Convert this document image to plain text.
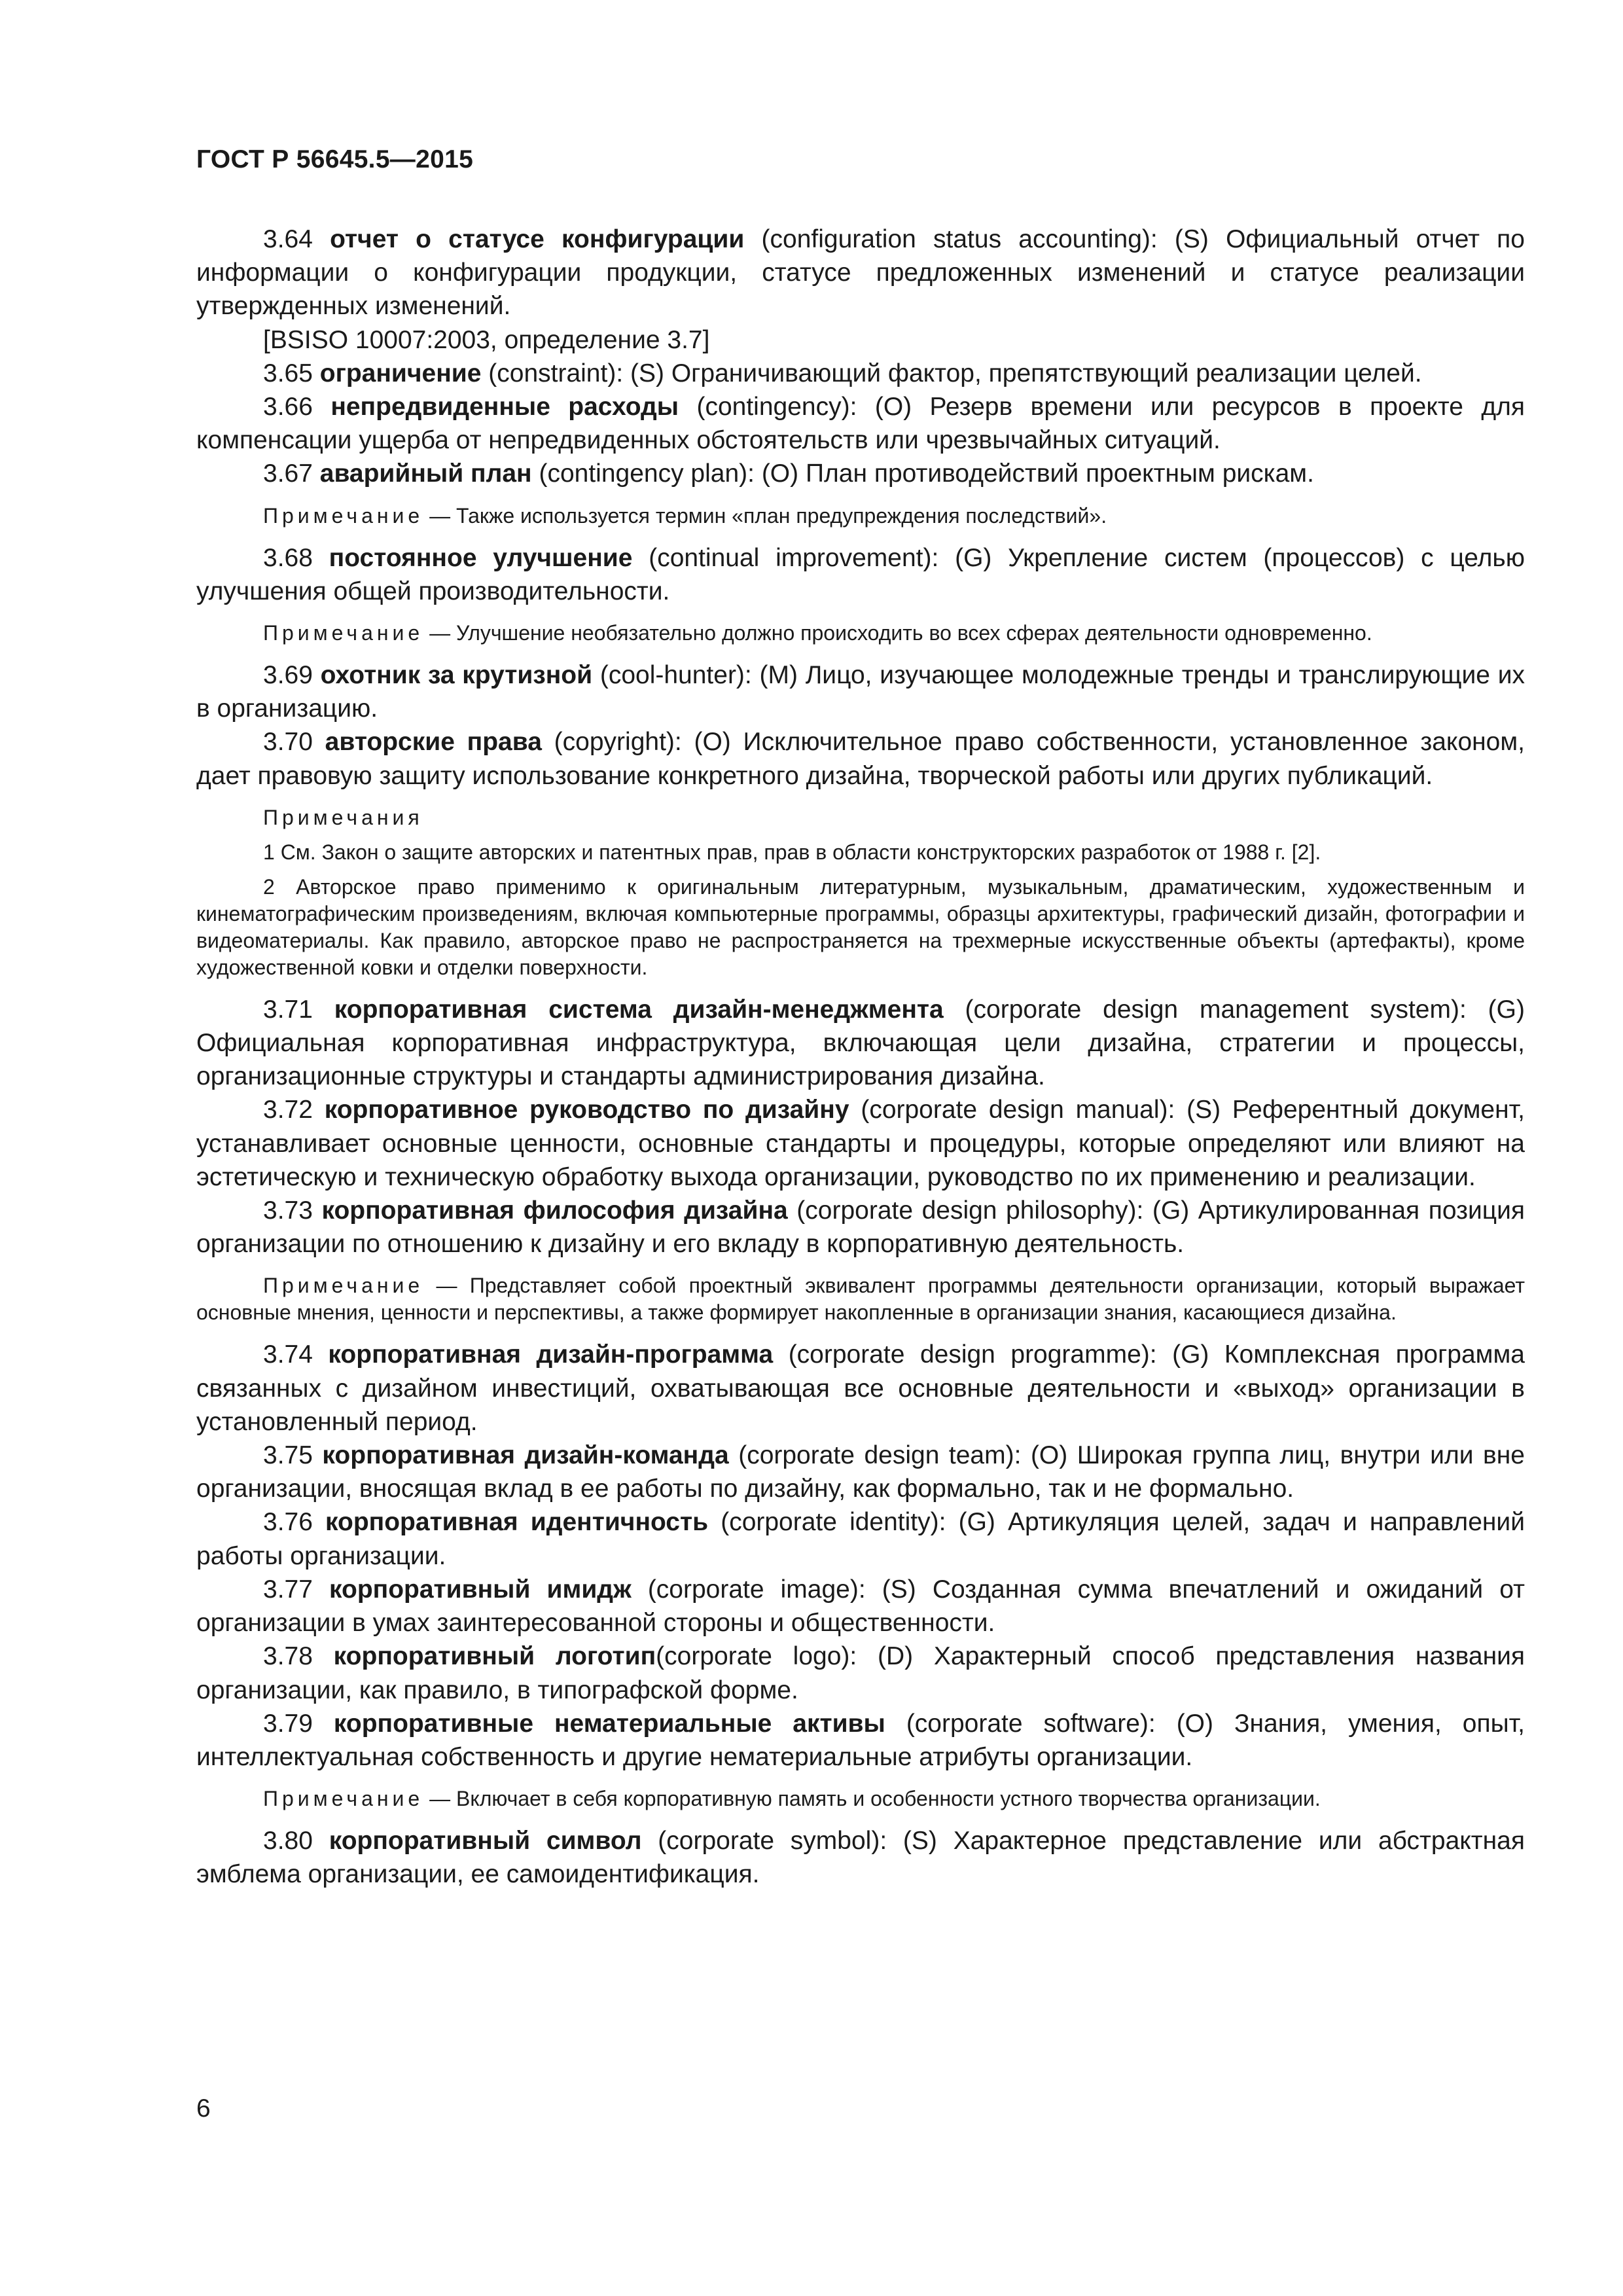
ГОСТ Р 56645.5—2015

3.64 отчет о статусе конфигурации (configuration status accounting): (S) Официальный отчет по информации о конфигурации продукции, статусе предложенных изменений и статусе реализации утвержденных изменений.

[BSISO 10007:2003, определение 3.7]

3.65 ограничение (constraint): (S) Ограничивающий фактор, препятствующий реализации целей.

3.66 непредвиденные расходы (contingency): (O) Резерв времени или ресурсов в проекте для компенсации ущерба от непредвиденных обстоятельств или чрезвычайных ситуаций.

3.67 аварийный план (contingency plan): (O) План противодействий проектным рискам.

Примечание — Также используется термин «план предупреждения последствий».

3.68 постоянное улучшение (continual improvement): (G) Укрепление систем (процессов) с целью улучшения общей производительности.

Примечание — Улучшение необязательно должно происходить во всех сферах деятельности одновременно.

3.69 охотник за крутизной (cool-hunter): (M) Лицо, изучающее молодежные тренды и транслирующие их в организацию.

3.70 авторские права (copyright): (O) Исключительное право собственности, установленное законом, дает правовую защиту использование конкретного дизайна, творческой работы или других публикаций.

Примечания

1 См. Закон о защите авторских и патентных прав, прав в области конструкторских разработок от 1988 г. [2].

2 Авторское право применимо к оригинальным литературным, музыкальным, драматическим, художественным и кинематографическим произведениям, включая компьютерные программы, образцы архитектуры, графический дизайн, фотографии и видеоматериалы. Как правило, авторское право не распространяется на трехмерные искусственные объекты (артефакты), кроме художественной ковки и отделки поверхности.

3.71 корпоративная система дизайн-менеджмента (corporate design management system): (G) Официальная корпоративная инфраструктура, включающая цели дизайна, стратегии и процессы, организационные структуры и стандарты администрирования дизайна.

3.72 корпоративное руководство по дизайну (corporate design manual): (S) Референтный документ, устанавливает основные ценности, основные стандарты и процедуры, которые определяют или влияют на эстетическую и техническую обработку выхода организации, руководство по их применению и реализации.

3.73 корпоративная философия дизайна (corporate design philosophy): (G) Артикулированная позиция организации по отношению к дизайну и его вкладу в корпоративную деятельность.

Примечание — Представляет собой проектный эквивалент программы деятельности организации, который выражает основные мнения, ценности и перспективы, а также формирует накопленные в организации знания, касающиеся дизайна.

3.74 корпоративная дизайн-программа (corporate design programme): (G) Комплексная программа связанных с дизайном инвестиций, охватывающая все основные деятельности и «выход» организации в установленный период.

3.75 корпоративная дизайн-команда (corporate design team): (O) Широкая группа лиц, внутри или вне организации, вносящая вклад в ее работы по дизайну, как формально, так и не формально.

3.76 корпоративная идентичность (corporate identity): (G) Артикуляция целей, задач и направлений работы организации.

3.77 корпоративный имидж (corporate image): (S) Созданная сумма впечатлений и ожиданий от организации в умах заинтересованной стороны и общественности.

3.78 корпоративный логотип(corporate logo): (D) Характерный способ представления названия организации, как правило, в типографской форме.

3.79 корпоративные нематериальные активы (corporate software): (O) Знания, умения, опыт, интеллектуальная собственность и другие нематериальные атрибуты организации.

Примечание — Включает в себя корпоративную память и особенности устного творчества организации.

3.80 корпоративный символ (corporate symbol): (S) Характерное представление или абстрактная эмблема организации, ее самоидентификация.

6
